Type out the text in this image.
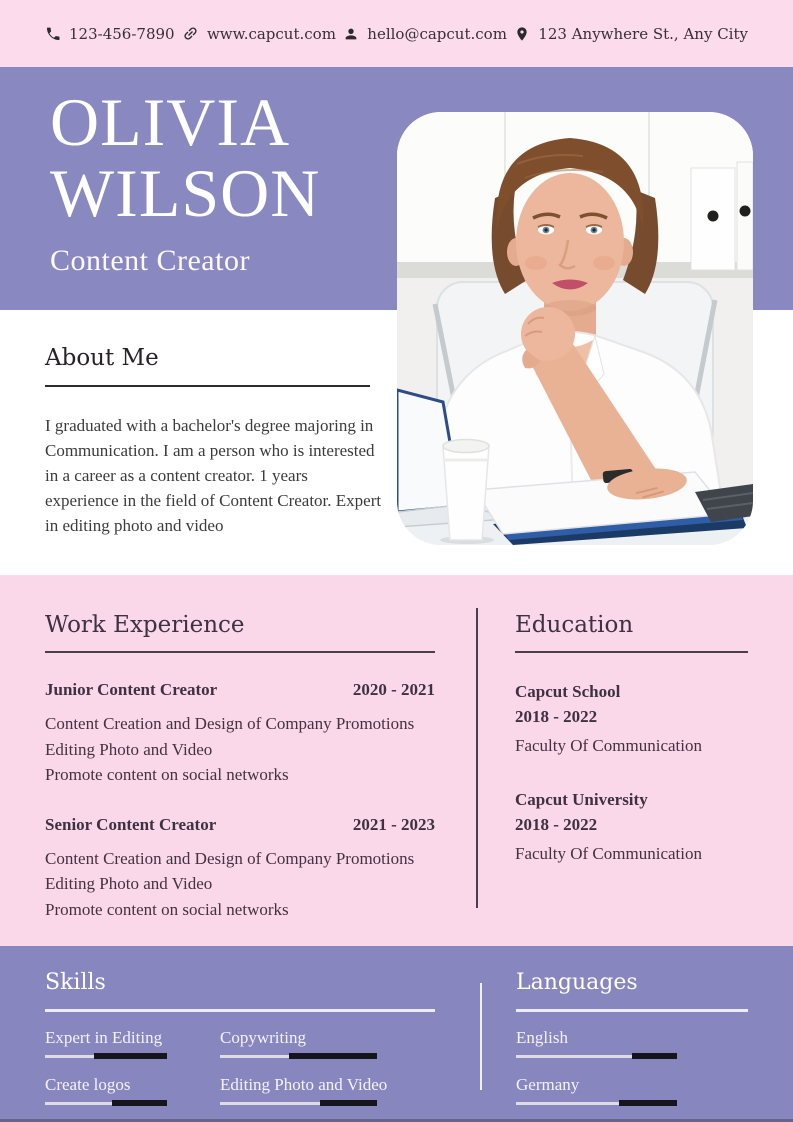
123-456-7890 www.capcut.com hello@capcut.com 123 Anywhere St., Any City
OLIVIA
WILSON
Content Creator
About Me

I graduated with a bachelor's degree majoring in Communication. I am a person who is interested in a career as a content creator. 1 years experience in the field of Content Creator. Expert in editing photo and video

Work Experience
Junior Content Creator	2020 - 2021
Content Creation and Design of Company Promotions
Editing Photo and Video
Promote content on social networks
Senior Content Creator	2021 - 2023
Content Creation and Design of Company Promotions
Editing Photo and Video
Promote content on social networks
Education
Capcut School
2018 - 2022
Faculty Of Communication
Capcut University
2018 - 2022
Faculty Of Communication
Skills
Expert in Editing
Create logos
Copywriting
Editing Photo and Video
Languages
English
Germany
